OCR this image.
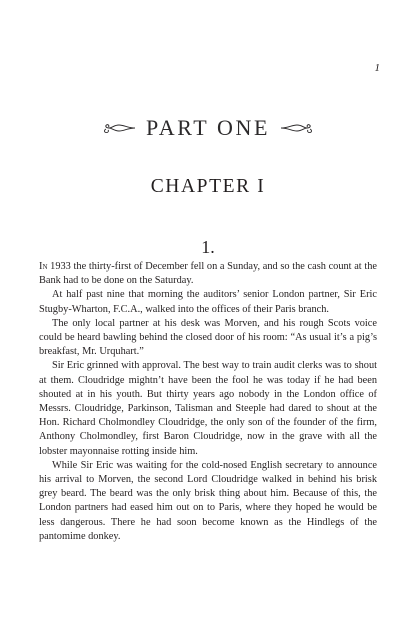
1
PART ONE
CHAPTER I
1.

In 1933 the thirty-first of December fell on a Sunday, and so the cash count at the Bank had to be done on the Saturday.

At half past nine that morning the auditors’ senior London partner, Sir Eric Stugby-Wharton, F.C.A., walked into the offices of their Paris branch.

The only local partner at his desk was Morven, and his rough Scots voice could be heard bawling behind the closed door of his room: “As usual it’s a pig’s breakfast, Mr. Urquhart.”

Sir Eric grinned with approval. The best way to train audit clerks was to shout at them. Cloudridge mightn’t have been the fool he was today if he had been shouted at in his youth. But thirty years ago nobody in the London office of Messrs. Cloudridge, Parkinson, Talisman and Steeple had dared to shout at the Hon. Richard Cholmondley Cloudridge, the only son of the founder of the firm, Anthony Cholmondley, first Baron Cloudridge, now in the grave with all the lobster mayonnaise rotting inside him.

While Sir Eric was waiting for the cold-nosed English secretary to announce his arrival to Morven, the second Lord Cloudridge walked in behind his brisk grey beard. The beard was the only brisk thing about him. Because of this, the London partners had eased him out on to Paris, where they hoped he would be less dangerous. There he had soon become known as the Hindlegs of the pantomime donkey.
